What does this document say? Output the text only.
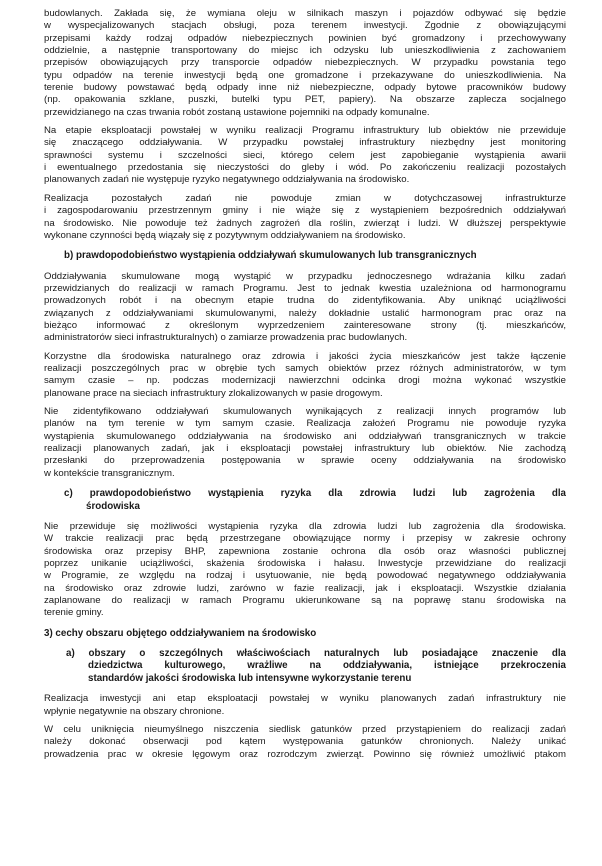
budowlanych. Zakłada się, że wymiana oleju w silnikach maszyn i pojazdów odbywać się będzie
w wyspecjalizowanych stacjach obsługi, poza terenem inwestycji. Zgodnie z obowiązującymi
przepisami każdy rodzaj odpadów niebezpiecznych powinien być gromadzony i przechowywany
oddzielnie, a następnie transportowany do miejsc ich odzysku lub unieszkodliwienia z zachowaniem
przepisów obowiązujących przy transporcie odpadów niebezpiecznych. W przypadku powstania tego
typu odpadów na terenie inwestycji będą one gromadzone i przekazywane do unieszkodliwienia. Na
terenie budowy powstawać będą odpady inne niż niebezpieczne, odpady bytowe pracowników budowy
(np. opakowania szklane, puszki, butelki typu PET, papiery). Na obszarze zaplecza socjalnego
przewidzianego na czas trwania robót zostaną ustawione pojemniki na odpady komunalne.
Na etapie eksploatacji powstałej w wyniku realizacji Programu infrastruktury lub obiektów nie przewiduje
się znaczącego oddziaływania. W przypadku powstałej infrastruktury niezbędny jest monitoring
sprawności systemu i szczelności sieci, którego celem jest zapobieganie wystąpienia awarii
i ewentualnego przedostania się nieczystości do gleby i wód. Po zakończeniu realizacji pozostałych
planowanych zadań nie występuje ryzyko negatywnego oddziaływania na środowisko.
Realizacja pozostałych zadań nie powoduje zmian w dotychczasowej infrastrukturze
i zagospodarowaniu przestrzennym gminy i nie wiąże się z wystąpieniem bezpośrednich oddziaływań
na środowisko. Nie powoduje też żadnych zagrożeń dla roślin, zwierząt i ludzi. W dłuższej perspektywie
wykonane czynności będą wiązały się z pozytywnym oddziaływaniem na środowisko.
b) prawdopodobieństwo wystąpienia oddziaływań skumulowanych lub transgranicznych
Oddziaływania skumulowane mogą wystąpić w przypadku jednoczesnego wdrażania kilku zadań
przewidzianych do realizacji w ramach Programu. Jest to jednak kwestia uzależniona od harmonogramu
prowadzonych robót i na obecnym etapie trudna do zidentyfikowania. Aby uniknąć uciążliwości
związanych z oddziaływaniami skumulowanymi, należy dokładnie ustalić harmonogram prac oraz na
bieżąco informować z określonym wyprzedzeniem zainteresowane strony (tj. mieszkańców,
administratorów sieci infrastrukturalnych) o zamiarze prowadzenia prac budowlanych.
Korzystne dla środowiska naturalnego oraz zdrowia i jakości życia mieszkańców jest także łączenie
realizacji poszczególnych prac w obrębie tych samych obiektów przez różnych administratorów, w tym
samym czasie – np. podczas modernizacji nawierzchni odcinka drogi można wykonać wszystkie
planowane prace na sieciach infrastruktury zlokalizowanych w pasie drogowym.
Nie zidentyfikowano oddziaływań skumulowanych wynikających z realizacji innych programów lub
planów na tym terenie w tym samym czasie. Realizacja założeń Programu nie powoduje ryzyka
wystąpienia skumulowanego oddziaływania na środowisko ani oddziaływań transgranicznych w trakcie
realizacji planowanych zadań, jak i eksploatacji powstałej infrastruktury lub obiektów. Nie zachodzą
przesłanki do przeprowadzenia postępowania w sprawie oceny oddziaływania na środowisko
w kontekście transgranicznym.
c) prawdopodobieństwo wystąpienia ryzyka dla zdrowia ludzi lub zagrożenia dla
środowiska
Nie przewiduje się możliwości wystąpienia ryzyka dla zdrowia ludzi lub zagrożenia dla środowiska.
W trakcie realizacji prac będą przestrzegane obowiązujące normy i przepisy w zakresie ochrony
środowiska oraz przepisy BHP, zapewniona zostanie ochrona dla osób oraz własności publicznej
poprzez unikanie uciążliwości, skażenia środowiska i hałasu. Inwestycje przewidziane do realizacji
w Programie, ze względu na rodzaj i usytuowanie, nie będą powodować negatywnego oddziaływania
na środowisko oraz zdrowie ludzi, zarówno w fazie realizacji, jak i eksploatacji. Wszystkie działania
zaplanowane do realizacji w ramach Programu ukierunkowane są na poprawę stanu środowiska na
terenie gminy.
3) cechy obszaru objętego oddziaływaniem na środowisko
a) obszary o szczególnych właściwościach naturalnych lub posiadające znaczenie dla
dziedzictwa kulturowego, wrażliwe na oddziaływania, istniejące przekroczenia
standardów jakości środowiska lub intensywne wykorzystanie terenu
Realizacja inwestycji ani etap eksploatacji powstałej w wyniku planowanych zadań infrastruktury nie
wpłynie negatywnie na obszary chronione.
W celu uniknięcia nieumyślnego niszczenia siedlisk gatunków przed przystąpieniem do realizacji zadań
należy dokonać obserwacji pod kątem występowania gatunków chronionych. Należy unikać
prowadzenia prac w okresie lęgowym oraz rozrodczym zwierząt. Powinno się również umożliwić ptakom
